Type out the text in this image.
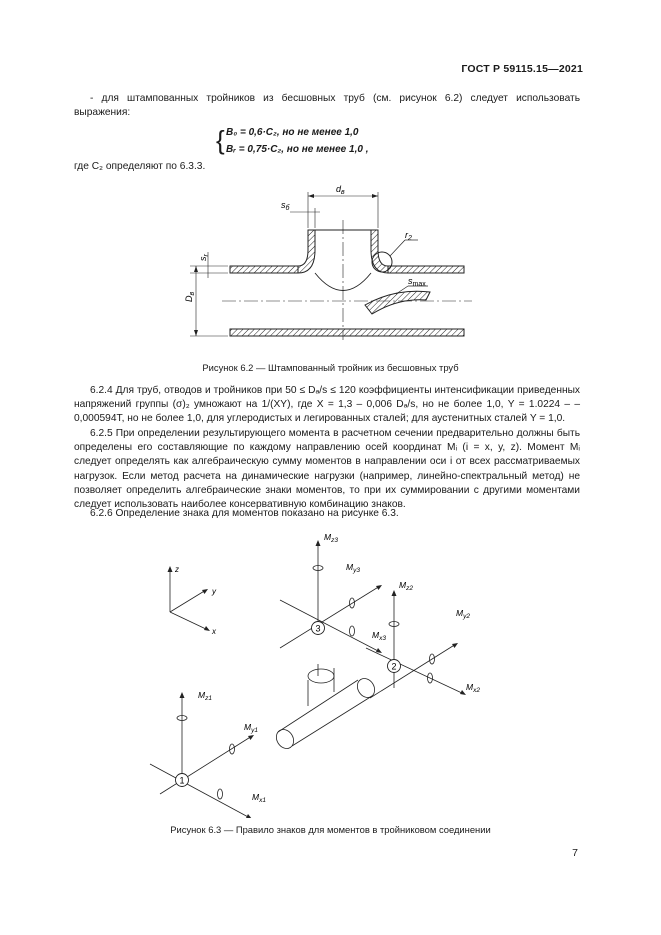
ГОСТ Р 59115.15—2021
- для штампованных тройников из бесшовных труб (см. рисунок 6.2) следует использовать выражения:
{ B₀ = 0,6·C₂, но не менее 1,0
Bᵣ = 0,75·C₂, но не менее 1,0 ,
где C₂ определяют по 6.3.3.
$r_2$
$s_{max}$
$d_в$
$s_б$
$s_r$
$D_в$
Рисунок 6.2 — Штампованный тройник из бесшовных труб
6.2.4 Для труб, отводов и тройников при 50 ≤ Dₐ/s ≤ 120 коэффициенты интенсификации приведенных напряжений группы (σ)₂ умножают на 1/(XY), где X = 1,3 – 0,006 Dₐ/s, но не более 1,0, Y = 1.0224 – – 0,000594T, но не более 1,0, для углеродистых и легированных сталей; для аустенитных сталей Y = 1,0.
6.2.5 При определении результирующего момента в расчетном сечении предварительно должны быть определены его составляющие по каждому направлению осей координат Mᵢ (i = x, y, z). Момент Mᵢ следует определять как алгебраическую сумму моментов в направлении оси i от всех рассматриваемых нагрузок. Если метод расчета на динамические нагрузки (например, линейно-спектральный метод) не позволяет определить алгебраические знаки моментов, то при их суммировании с другими моментами следует использовать наиболее консервативную комбинацию знаков.
6.2.6 Определение знака для моментов показано на рисунке 6.3.
3
2
1
z
y
x
$M_{z3}$
$M_{y3}$
$M_{x3}$
$M_{z2}$
$M_{y2}$
$M_{x2}$
$M_{z1}$
$M_{y1}$
$M_{x1}$
Рисунок 6.3 — Правило знаков для моментов в тройниковом соединении
7
